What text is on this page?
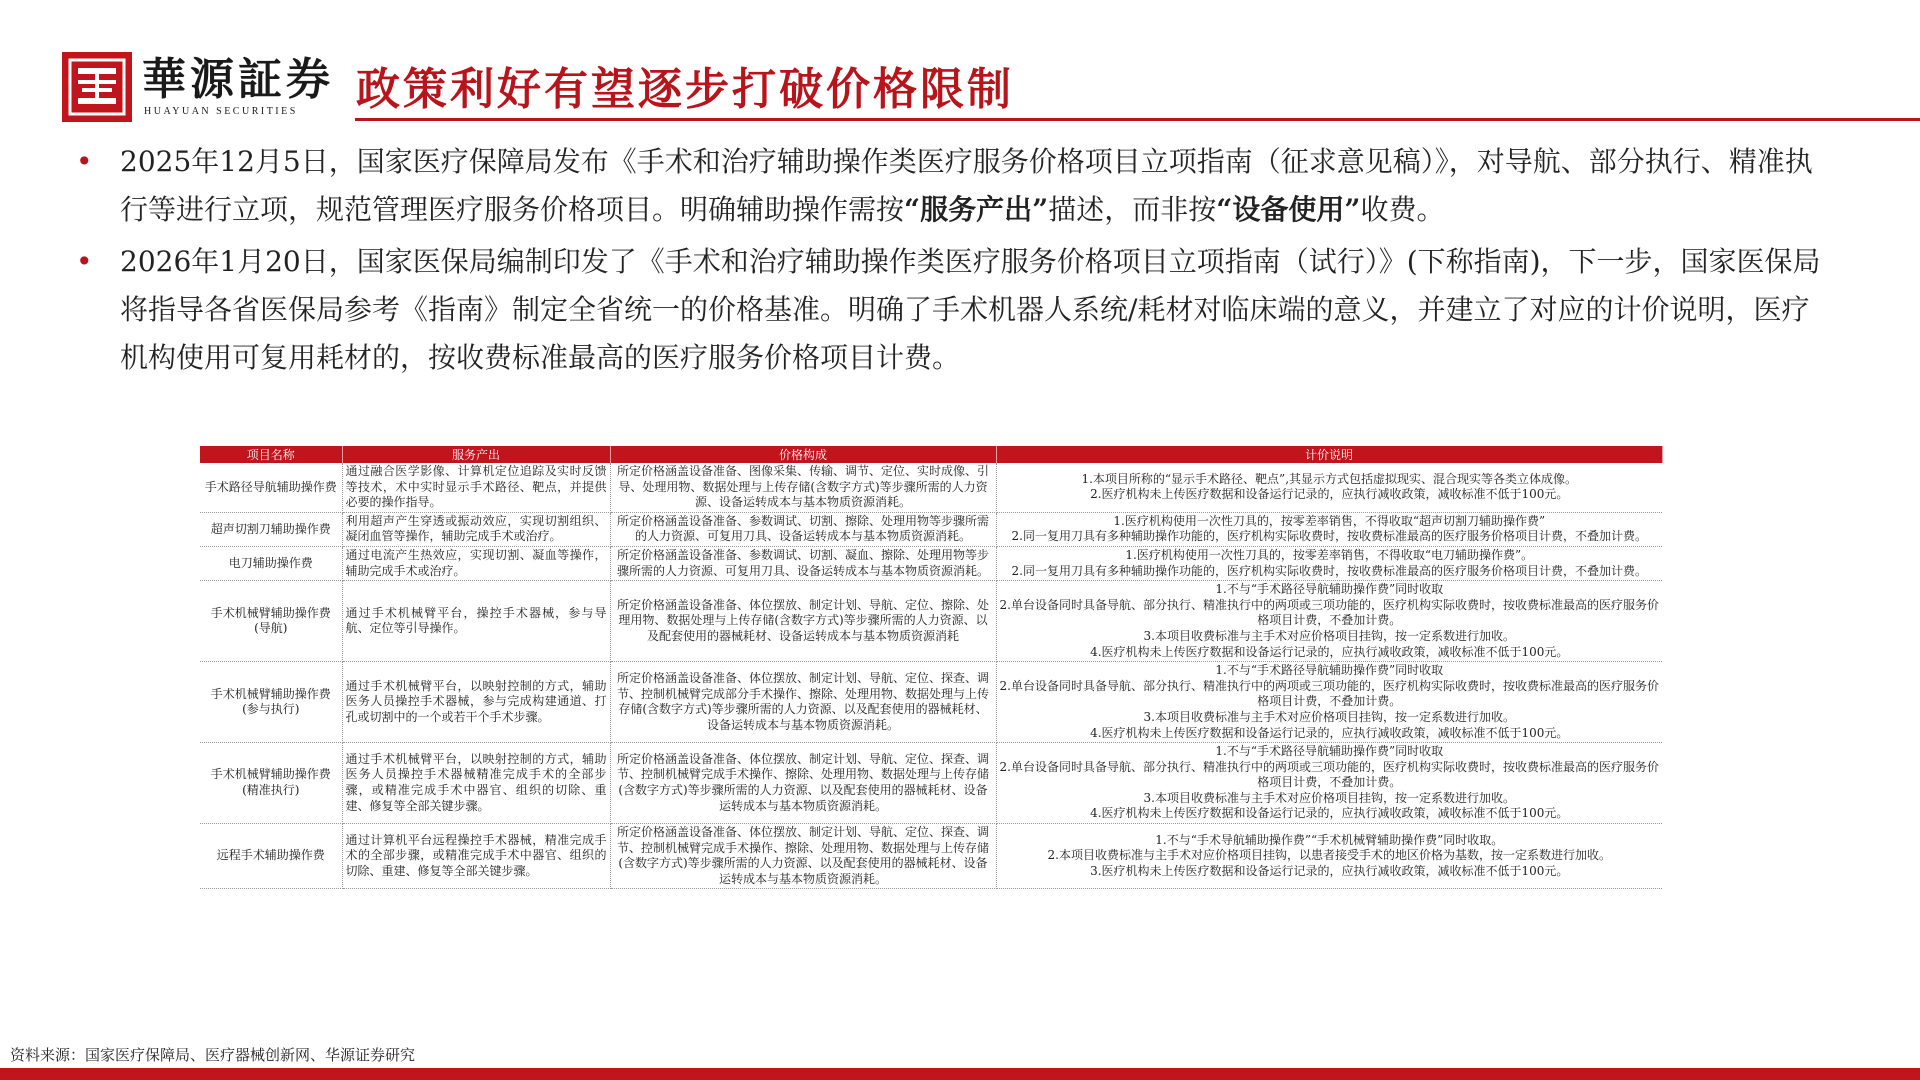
華源証券
HUAYUAN SECURITIES 政策利好有望逐步打破价格限制
• 2025年12月5日，国家医疗保障局发布《手术和治疗辅助操作类医疗服务价格项目立项指南（征求意见稿）》，对导航、部分执行、精准执行等进行立项，规范管理医疗服务价格项目。明确辅助操作需按“服务产出”描述，而非按“设备使用”收费。
• 2026年1月20日，国家医保局编制印发了《手术和治疗辅助操作类医疗服务价格项目立项指南（试行）》(下称指南)，下一步，国家医保局将指导各省医保局参考《指南》制定全省统一的价格基准。明确了手术机器人系统/耗材对临床端的意义，并建立了对应的计价说明，医疗机构使用可复用耗材的，按收费标准最高的医疗服务价格项目计费。
项目名称	服务产出	价格构成	计价说明
手术路径导航辅助操作费	通过融合医学影像、计算机定位追踪及实时反馈等技术，术中实时显示手术路径、靶点，并提供必要的操作指导。	所定价格涵盖设备准备、图像采集、传输、调节、定位、实时成像、引导、处理用物、数据处理与上传存储(含数字方式)等步骤所需的人力资源、设备运转成本与基本物质资源消耗。	1.本项目所称的“显示手术路径、靶点”,其显示方式包括虚拟现实、混合现实等各类立体成像。
2.医疗机构未上传医疗数据和设备运行记录的，应执行减收政策，减收标准不低于100元。
超声切割刀辅助操作费	利用超声产生穿透或振动效应，实现切割组织、凝闭血管等操作，辅助完成手术或治疗。	所定价格涵盖设备准备、参数调试、切割、擦除、处理用物等步骤所需的人力资源、可复用刀具、设备运转成本与基本物质资源消耗。	1.医疗机构使用一次性刀具的，按零差率销售，不得收取“超声切割刀辅助操作费”
2.同一复用刀具有多种辅助操作功能的，医疗机构实际收费时，按收费标准最高的医疗服务价格项目计费，不叠加计费。
电刀辅助操作费	通过电流产生热效应，实现切割、凝血等操作，辅助完成手术或治疗。	所定价格涵盖设备准备、参数调试、切割、凝血、擦除、处理用物等步骤所需的人力资源、可复用刀具、设备运转成本与基本物质资源消耗。	1.医疗机构使用一次性刀具的，按零差率销售，不得收取“电刀辅助操作费”。
2.同一复用刀具有多种辅助操作功能的，医疗机构实际收费时，按收费标准最高的医疗服务价格项目计费，不叠加计费。
手术机械臂辅助操作费(导航)	通过手术机械臂平台，操控手术器械，参与导航、定位等引导操作。	所定价格涵盖设备准备、体位摆放、制定计划、导航、定位、擦除、处理用物、数据处理与上传存储(含数字方式)等步骤所需的人力资源、以及配套使用的器械耗材、设备运转成本与基本物质资源消耗	1.不与“手术路径导航辅助操作费”同时收取
2.单台设备同时具备导航、部分执行、精准执行中的两项或三项功能的，医疗机构实际收费时，按收费标准最高的医疗服务价格项目计费，不叠加计费。
3.本项目收费标准与主手术对应价格项目挂钩，按一定系数进行加收。
4.医疗机构未上传医疗数据和设备运行记录的，应执行减收政策，减收标准不低于100元。
手术机械臂辅助操作费(参与执行)	通过手术机械臂平台，以映射控制的方式，辅助医务人员操控手术器械，参与完成构建通道、打孔或切割中的一个或若干个手术步骤。	所定价格涵盖设备准备、体位摆放、制定计划、导航、定位、探查、调节、控制机械臂完成部分手术操作、擦除、处理用物、数据处理与上传存储(含数字方式)等步骤所需的人力资源、以及配套使用的器械耗材、设备运转成本与基本物质资源消耗。	1.不与“手术路径导航辅助操作费”同时收取
2.单台设备同时具备导航、部分执行、精准执行中的两项或三项功能的，医疗机构实际收费时，按收费标准最高的医疗服务价格项目计费，不叠加计费。
3.本项目收费标准与主手术对应价格项目挂钩，按一定系数进行加收。
4.医疗机构未上传医疗数据和设备运行记录的，应执行减收政策，减收标准不低于100元。
手术机械臂辅助操作费(精准执行)	通过手术机械臂平台，以映射控制的方式，辅助医务人员操控手术器械精准完成手术的全部步骤，或精准完成手术中器官、组织的切除、重建、修复等全部关键步骤。	所定价格涵盖设备准备、体位摆放、制定计划、导航、定位、探查、调节、控制机械臂完成手术操作、擦除、处理用物、数据处理与上传存储(含数字方式)等步骤所需的人力资源、以及配套使用的器械耗材、设备运转成本与基本物质资源消耗。	1.不与“手术路径导航辅助操作费”同时收取
2.单台设备同时具备导航、部分执行、精准执行中的两项或三项功能的，医疗机构实际收费时，按收费标准最高的医疗服务价格项目计费，不叠加计费。
3.本项目收费标准与主手术对应价格项目挂钩，按一定系数进行加收。
4.医疗机构未上传医疗数据和设备运行记录的，应执行减收政策，减收标准不低于100元。
远程手术辅助操作费	通过计算机平台远程操控手术器械，精准完成手术的全部步骤，或精准完成手术中器官、组织的切除、重建、修复等全部关键步骤。	所定价格涵盖设备准备、体位摆放、制定计划、导航、定位、探查、调节、控制机械臂完成手术操作、擦除、处理用物、数据处理与上传存储(含数字方式)等步骤所需的人力资源、以及配套使用的器械耗材、设备运转成本与基本物质资源消耗。	1.不与“手术导航辅助操作费”“手术机械臂辅助操作费”同时收取。
2.本项目收费标准与主手术对应价格项目挂钩，以患者接受手术的地区价格为基数，按一定系数进行加收。
3.医疗机构未上传医疗数据和设备运行记录的，应执行减收政策，减收标准不低于100元。
资料来源：国家医疗保障局、医疗器械创新网、华源证券研究
